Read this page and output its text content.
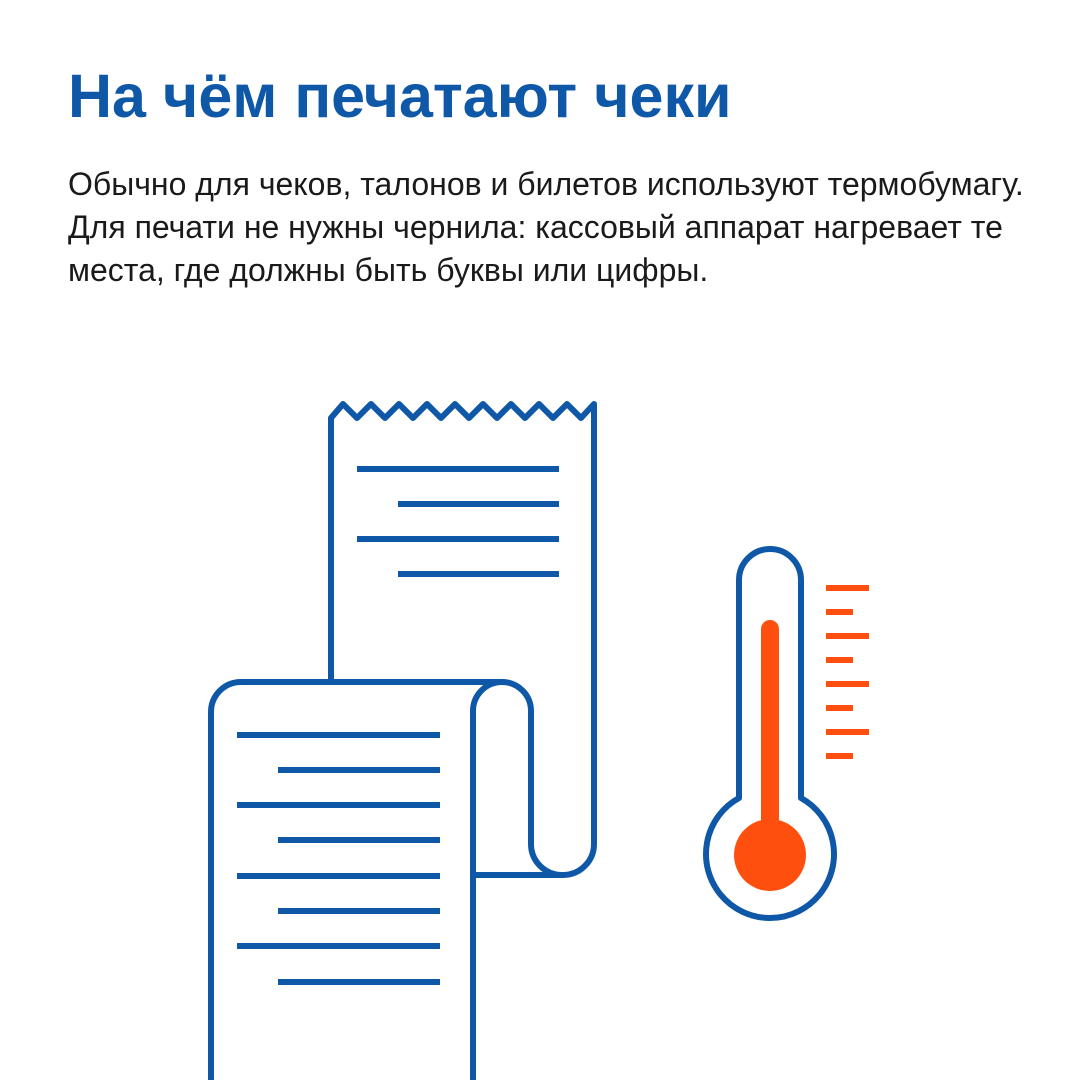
На чём печатают чеки

Обычно для чеков, талонов и билетов используют термобумагу. Для печати не нужны чернила: кассовый аппарат нагревает те места, где должны быть буквы или цифры.
